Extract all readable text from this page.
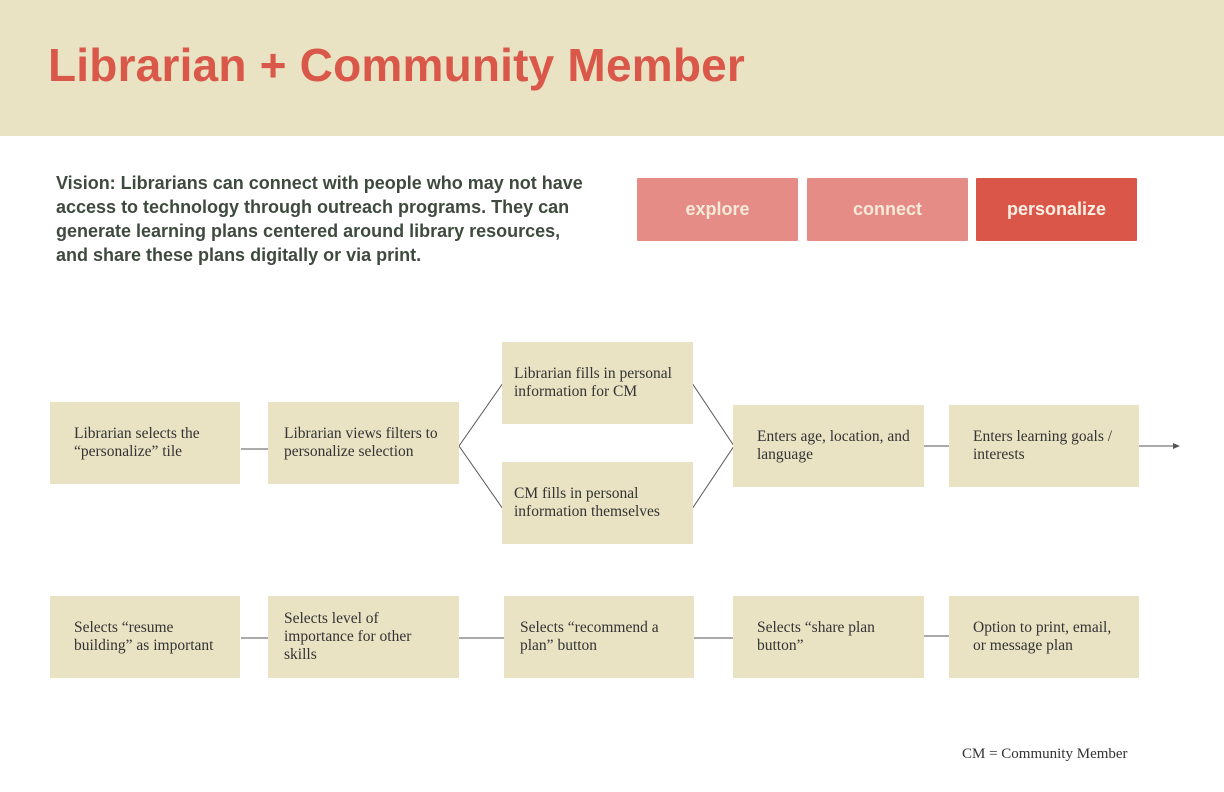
Librarian + Community Member
Vision: Librarians can connect with people who may not have access to technology through outreach programs. They can generate learning plans centered around library resources, and share these plans digitally or via print.
explore	connect	personalize
Librarian selects the “personalize” tile
Librarian views filters to personalize selection
Librarian fills in personal information for CM
CM fills in personal information themselves
Enters age, location, and language
Enters learning goals / interests
Selects “resume building” as important
Selects level of importance for other skills
Selects “recommend a plan” button
Selects “share plan button”
Option to print, email, or message plan
CM = Community Member
